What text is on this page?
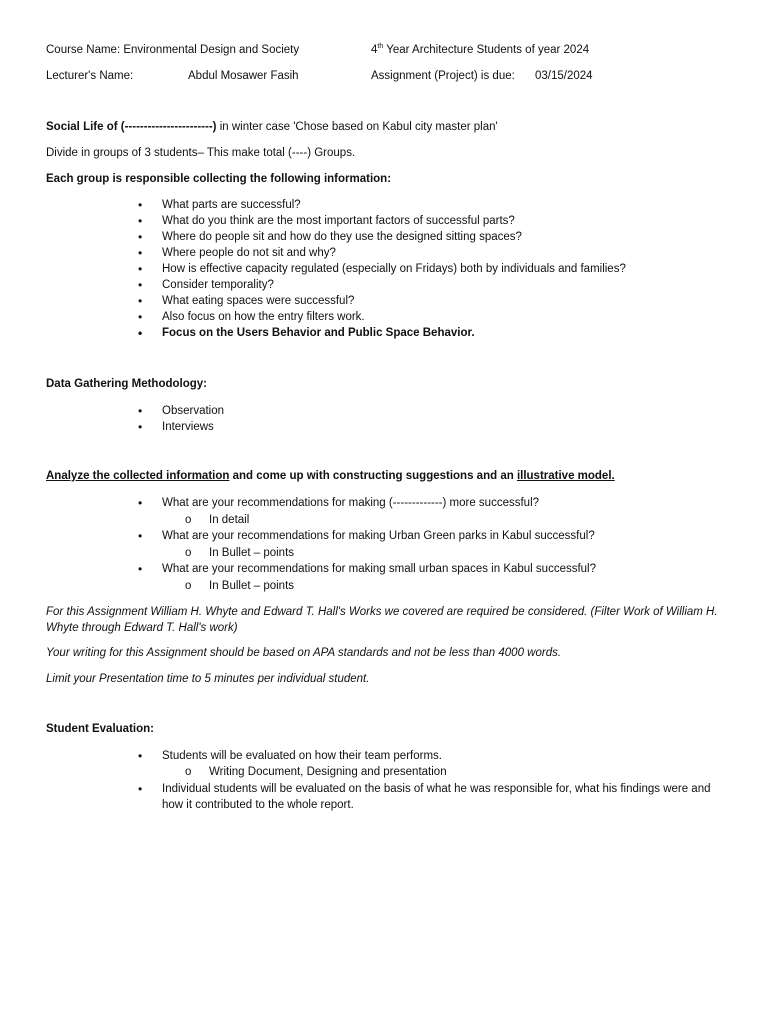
Course Name: Environmental Design and Society	4th Year Architecture Students of year 2024
Lecturer's Name:	Abdul Mosawer Fasih	Assignment (Project) is due: 03/15/2024
Social Life of (-----------------------) in winter case 'Chose based on Kabul city master plan'
Divide in groups of 3 students– This make total (----) Groups.
Each group is responsible collecting the following information:
• What parts are successful?
• What do you think are the most important factors of successful parts?
• Where do people sit and how do they use the designed sitting spaces?
• Where people do not sit and why?
• How is effective capacity regulated (especially on Fridays) both by individuals and families?
• Consider temporality?
• What eating spaces were successful?
• Also focus on how the entry filters work.
• Focus on the Users Behavior and Public Space Behavior.
Data Gathering Methodology:
• Observation
• Interviews
Analyze the collected information and come up with constructing suggestions and an illustrative model.
• What are your recommendations for making (-------------) more successful?
o In detail
• What are your recommendations for making Urban Green parks in Kabul successful?
o In Bullet – points
• What are your recommendations for making small urban spaces in Kabul successful?
o In Bullet – points
For this Assignment William H. Whyte and Edward T. Hall's Works we covered are required be considered. (Filter Work of William H. Whyte through Edward T. Hall's work)
Your writing for this Assignment should be based on APA standards and not be less than 4000 words.
Limit your Presentation time to 5 minutes per individual student.
Student Evaluation:
• Students will be evaluated on how their team performs.
o Writing Document, Designing and presentation
• Individual students will be evaluated on the basis of what he was responsible for, what his findings were and how it contributed to the whole report.
